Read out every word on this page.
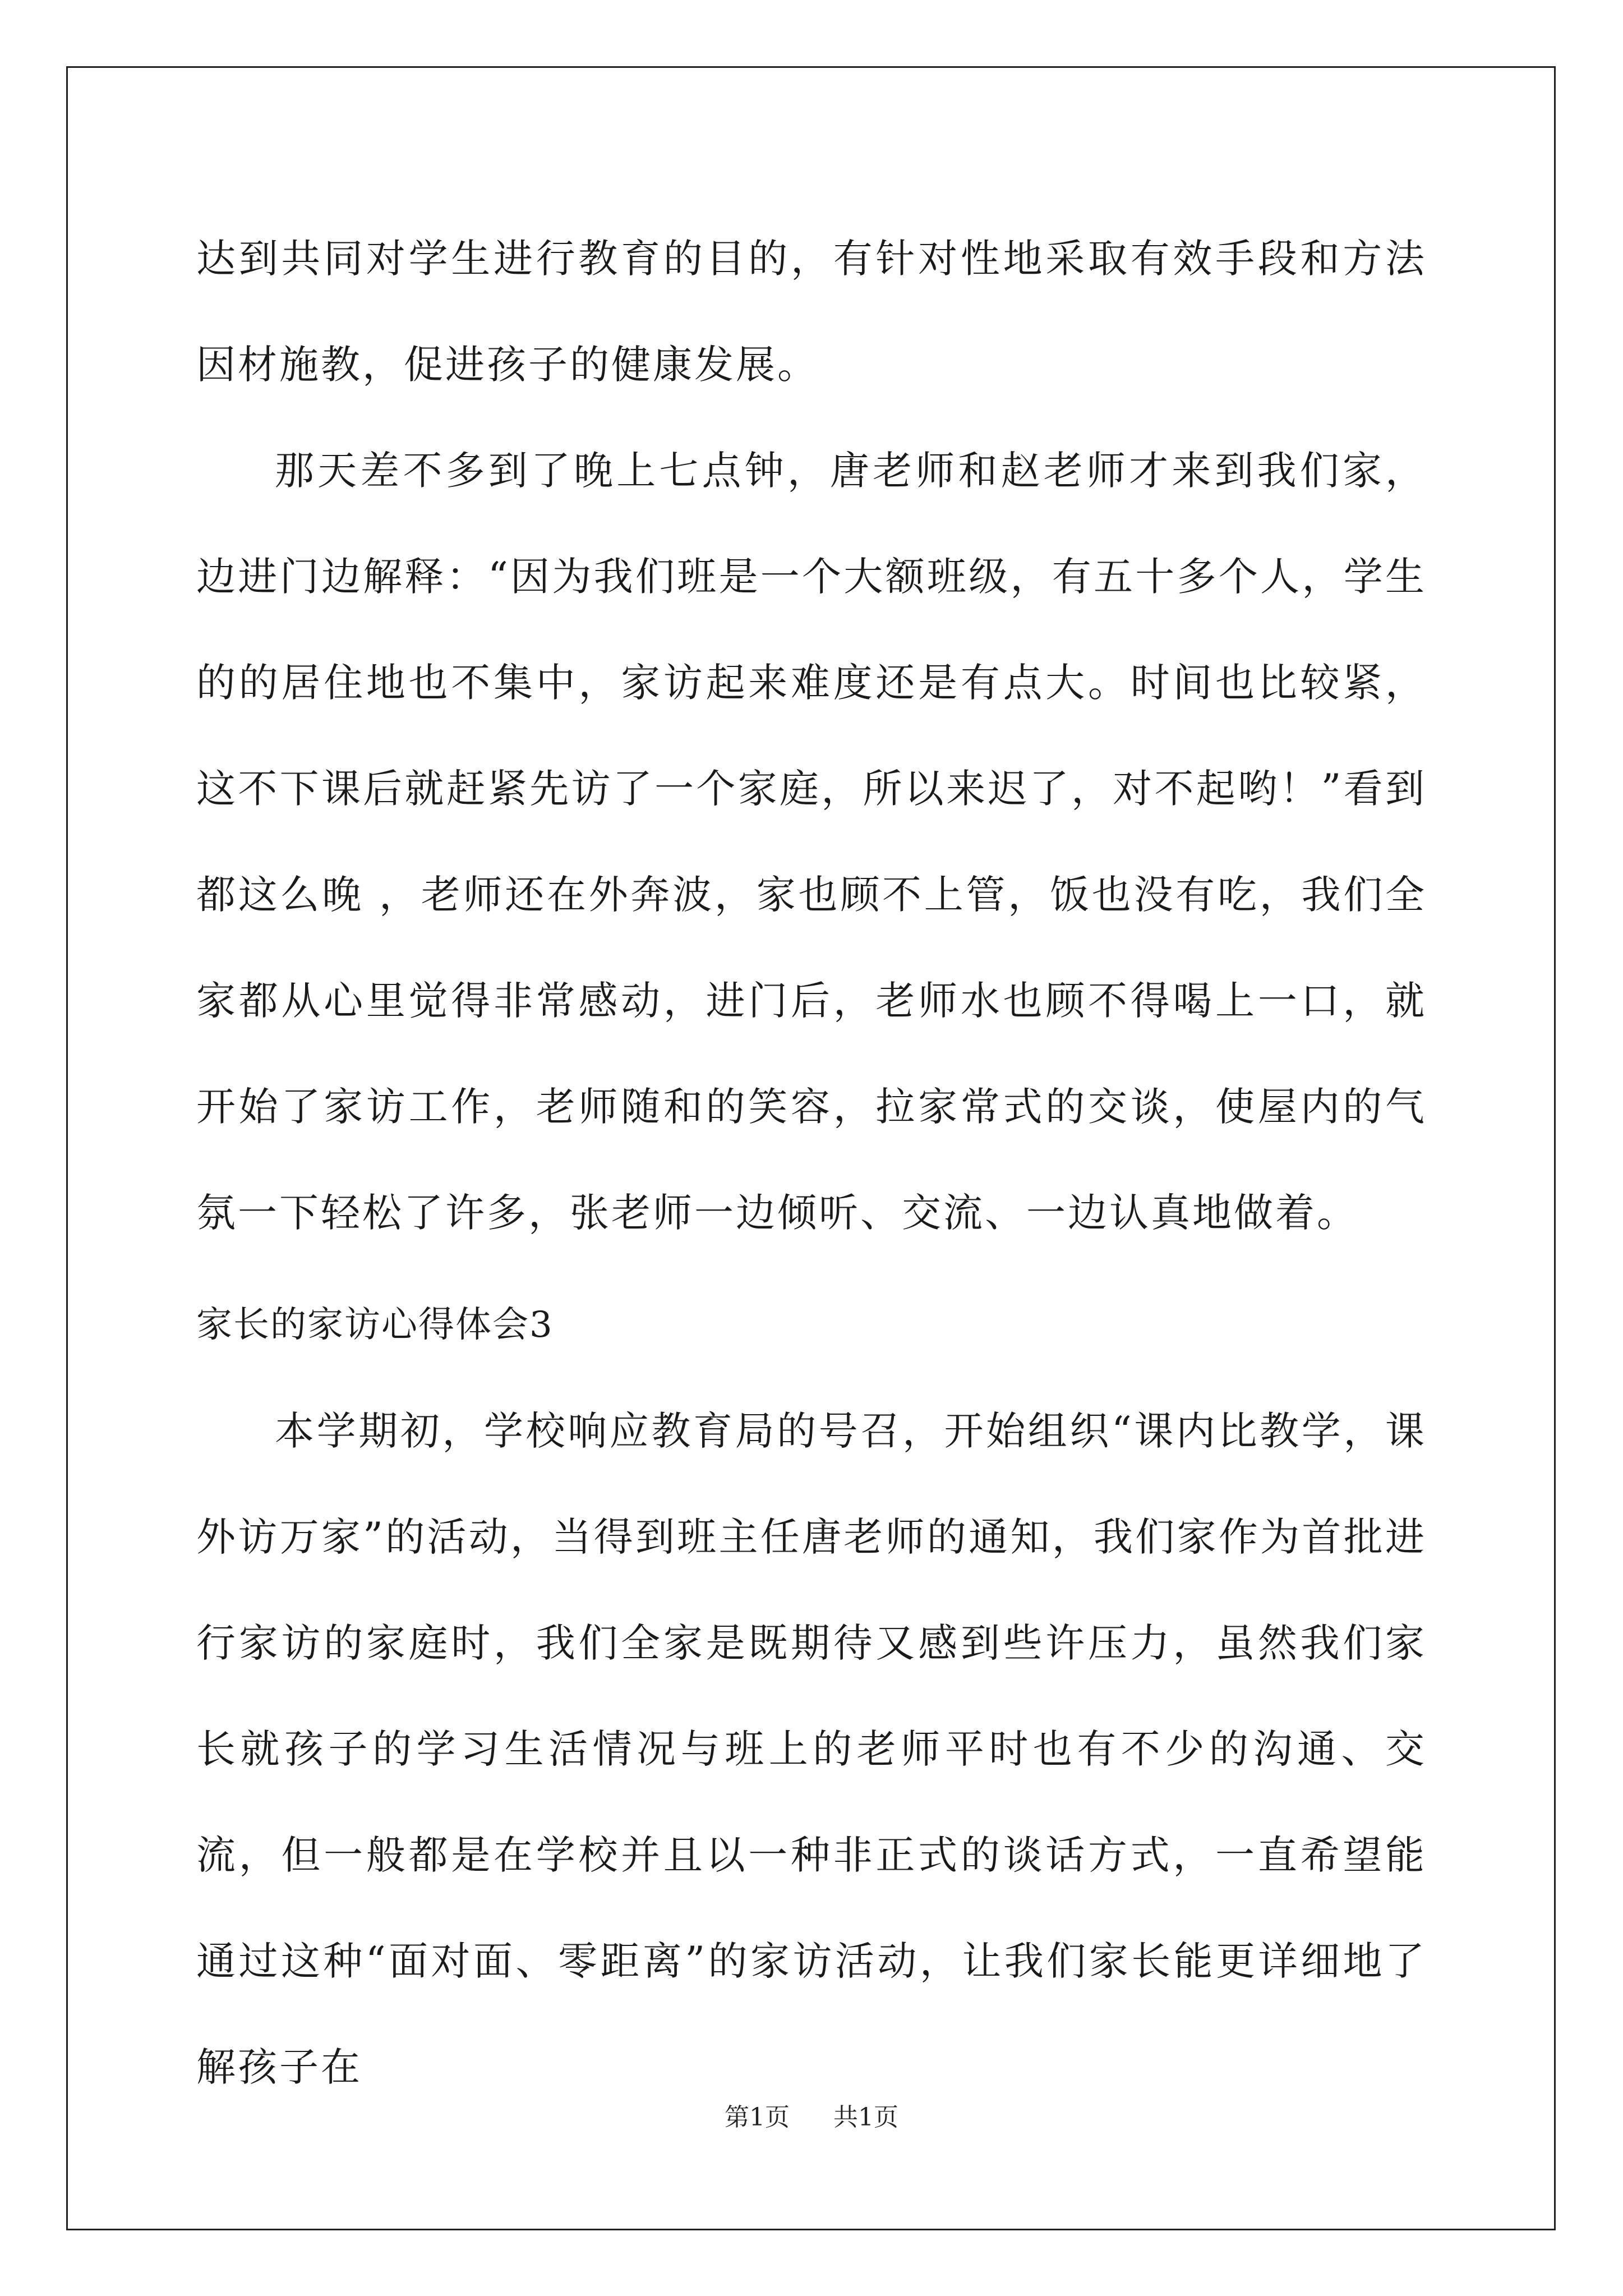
达到共同对学生进行教育的目的，有针对性地采取有效手段和方法因材施教，促进孩子的健康发展。

那天差不多到了晚上七点钟，唐老师和赵老师才来到我们家，边进门边解释：“因为我们班是一个大额班级，有五十多个人，学生的的居住地也不集中，家访起来难度还是有点大。时间也比较紧，这不下课后就赶紧先访了一个家庭，所以来迟了，对不起哟！”看到都这么晚 ，老师还在外奔波，家也顾不上管，饭也没有吃，我们全家都从心里觉得非常感动，进门后，老师水也顾不得喝上一口，就开始了家访工作，老师随和的笑容，拉家常式的交谈，使屋内的气氛一下轻松了许多，张老师一边倾听、交流、一边认真地做着。

家长的家访心得体会3

本学期初，学校响应教育局的号召，开始组织“课内比教学，课外访万家”的活动，当得到班主任唐老师的通知，我们家作为首批进行家访的家庭时，我们全家是既期待又感到些许压力，虽然我们家长就孩子的学习生活情况与班上的老师平时也有不少的沟通、交流，但一般都是在学校并且以一种非正式的谈话方式，一直希望能通过这种“面对面、零距离”的家访活动，让我们家长能更详细地了解孩子在

第1页 共1页
